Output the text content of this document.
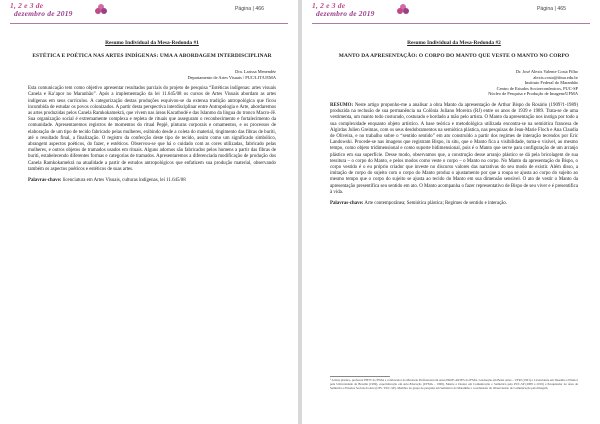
1, 2 e 3 de
dezembro de 2019	Página | 466
Resumo Individual da Mesa-Redonda #1
ESTÉTICA E POÉTICA NAS ARTES INDÍGENAS: UMA A ABORDAGEM INTERDISCIPLINAR
Dra. Larissa Menendéz
Departamento de Artes Visuais / PUC/LIT/UEMA

Esta comunicação tem como objetivo apresentar resultados parciais do projeto de pesquisa “Estéticas indígenas: artes visuais Canela e Ka’apor no Maranhão”. Após a implementação da lei 11.645/08 os cursos de Artes Visuais abordam as artes indígenas em seus currículos. A categorização destas produções esquivou-se da extensa tradição antropológica que ficou incumbida de estudar os povos colonizados. A partir desta perspectiva interdisciplinar entre Antropologia e Arte, abordaremos as artes produzidas pelos Canela Ramkokamekrá, que vivem nas áreas Kacathodé e das Islanmo da língua do tronco Macro-Jê. Sua organização social é extremamente complexa e repleta de rituais que asseguram o reconhecimento e fortalecimento da comunidade. Apresentaremos registros de momentos do ritual Pepjê, pinturas corporais e ornamentos, e os processos de elaboração de um tipo de tecido fabricado pelas mulheres, exibindo desde a coleta do material, tingimento das fibras de buriti, até o resultado final, a finalização. O registro da confecção deste tipo de tecido, assim como um significado simbólico, abrangem aspectos poéticos, do fazer, e estéticos. Observou-se que há o cuidado com as cores utilizadas, fabricado pelas mulheres, e outros objetos de tramados usados em rituais. Alguns adornos são fabricados pelos homens a partir das fibras de buriti, estabelecendo diferentes formas e categorias de tramados. Apresentaremos a diferenciada modificação de produção dos Canela Ramkokamekrá na atualidade a partir de estudos antropológicos que enfatizem sua produção material, observando também os aspectos poéticos e estéticos de suas artes.

Palavras-chave: licenciatura em Artes Visuais, culturas indígenas, lei 11.645/08

1, 2 e 3 de
dezembro de 2019	Página | 465
Resumo Individual da Mesa-Redonda #2
MANTO DA APRESENTAÇÃO: O CORPO DO MANTO QUE VESTE O MANTO NO CORPO
Dr. José Alexis Valente Costa Filho
alexis.costa@ifma.edu.br
Instituto Federal do Maranhão
Centro de Estudos Socioeconômicos, PUC-SP
Núcleo de Pesquisa e Produção de Imagem/UFMA

RESUMO: Neste artigo proponho-me a analisar a obra Manto da apresentação de Arthur Bispo do Rosário (1909?1-1989) produzida na reclusão de sua permanência na Colônia Juliano Moreira (RJ) entre os anos de 1939 e 1989. Trata-se de uma vestimenta, um manto todo costurado, costurado e bordado a mão pelo artista. O Manto da apresentação nos instiga por todo a sua complexidade enquanto objeto artístico. A base teórica e metodológica utilizada encontra-se na semiótica francesa de Algirdas Julien Greimas, com os seus desdobramentos na semiótica plástica, nas pesquisas de Jean-Marie Floch e Ana Claudia de Oliveira, e no trabalho sobre o “sentido sentido” em ato construído a partir dos regimes de interação tecendos por Eric Landowski. Procede-se nas imagens que registram Bispo, in situ, que o Manto fica a visibilidade, toma-o visível, ao mesmo tempo, como objeto tridimensional e como suporte bidimensional, pois é o Manto que serve para configuração de um arranjo plástico em sua superfície. Desse modo, observamos que, a construção desse arranjo plástico se dá pela bricolagem de sua tessitura – o corpo do Manto, e pelos modos como veste o corpo – o Manto no corpo. No Manto da apresentação do Bispo, o corpo vestido é o eu próprio criador que investe no discurso valores das narrativas do seu modo de existir. Além disso, a imitação de corpo do sujeito com o corpo do Manto produz o ajustamento por que a roupa se ajusta ao corpo do sujeito ao mesmo tempo que o corpo do sujeito se ajusta ao tecido do Manto em sua dimensão sensível. O ato de vestir o Manto da apresentação presentifica seu sentido em ato. O Manto acompanha o fazer representativo de Bispo de seu viver e é presentifica à vida.

Palavras-chave: Arte contemporânea; Semiótica plástica; Regimes de sentido e interação.

¹ Artista plástico, professor EBTT do IFMA e colaborador do Mestrado Profissional em Artes PROF-ARTES do IFMA. Graduação em Belas Artes – UFRJ (1991) e Licenciatura em Desenho e Plástica pela Universidade de Brasília (1999), especialização em Arte-Educação (UFMA – 1999), Mestre e Doutor em Comunicação e Semiótica pela PUC-SP (2008 e 2019) e Pesquisador na Área de Semiótica e Estudos Sociais da Arte (CPS / PUC-SP). Membro do grupo de pesquisa em Semiótica do Maranhão e coordenador do Observatório de Comunicação pela Imagem.
